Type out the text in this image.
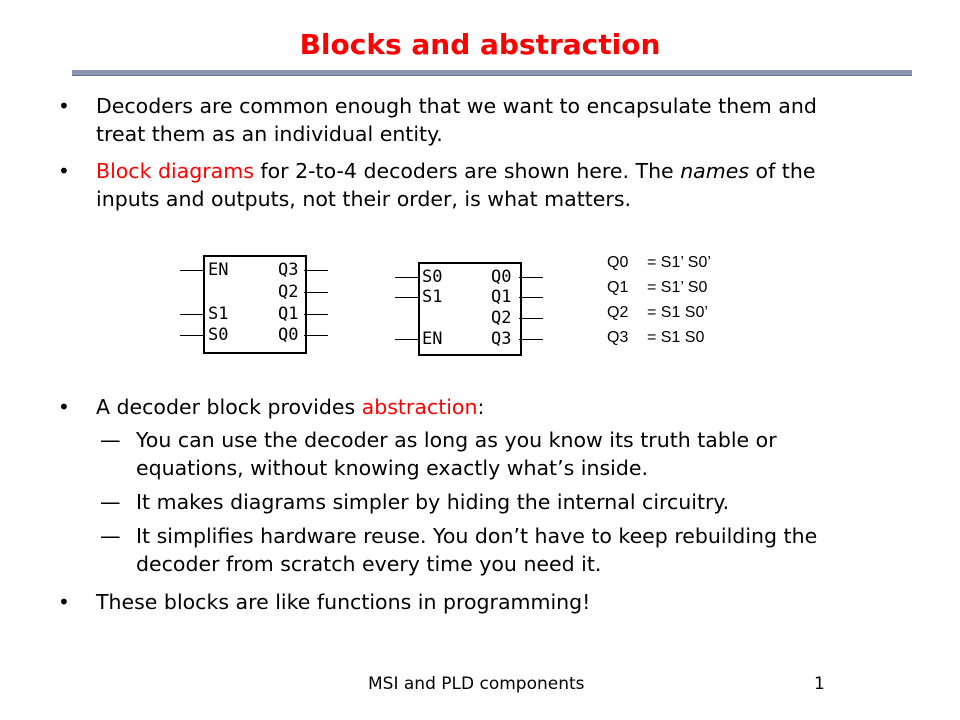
Blocks and abstraction
• Decoders are common enough that we want to encapsulate them and
treat them as an individual entity.
• Block diagrams for 2-to-4 decoders are shown here. The names of the
inputs and outputs, not their order, is what matters.
EN
S1
S0
Q3
Q2
Q1
Q0
S0
S1
EN
Q0
Q1
Q2
Q3
Q0 = S1’ S0’
Q1 = S1’ S0
Q2 = S1 S0’
Q3 = S1 S0
• A decoder block provides abstraction:
— You can use the decoder as long as you know its truth table or
equations, without knowing exactly what’s inside.
— It makes diagrams simpler by hiding the internal circuitry.
— It simplifies hardware reuse. You don’t have to keep rebuilding the
decoder from scratch every time you need it.
• These blocks are like functions in programming!
MSI and PLD components	1
